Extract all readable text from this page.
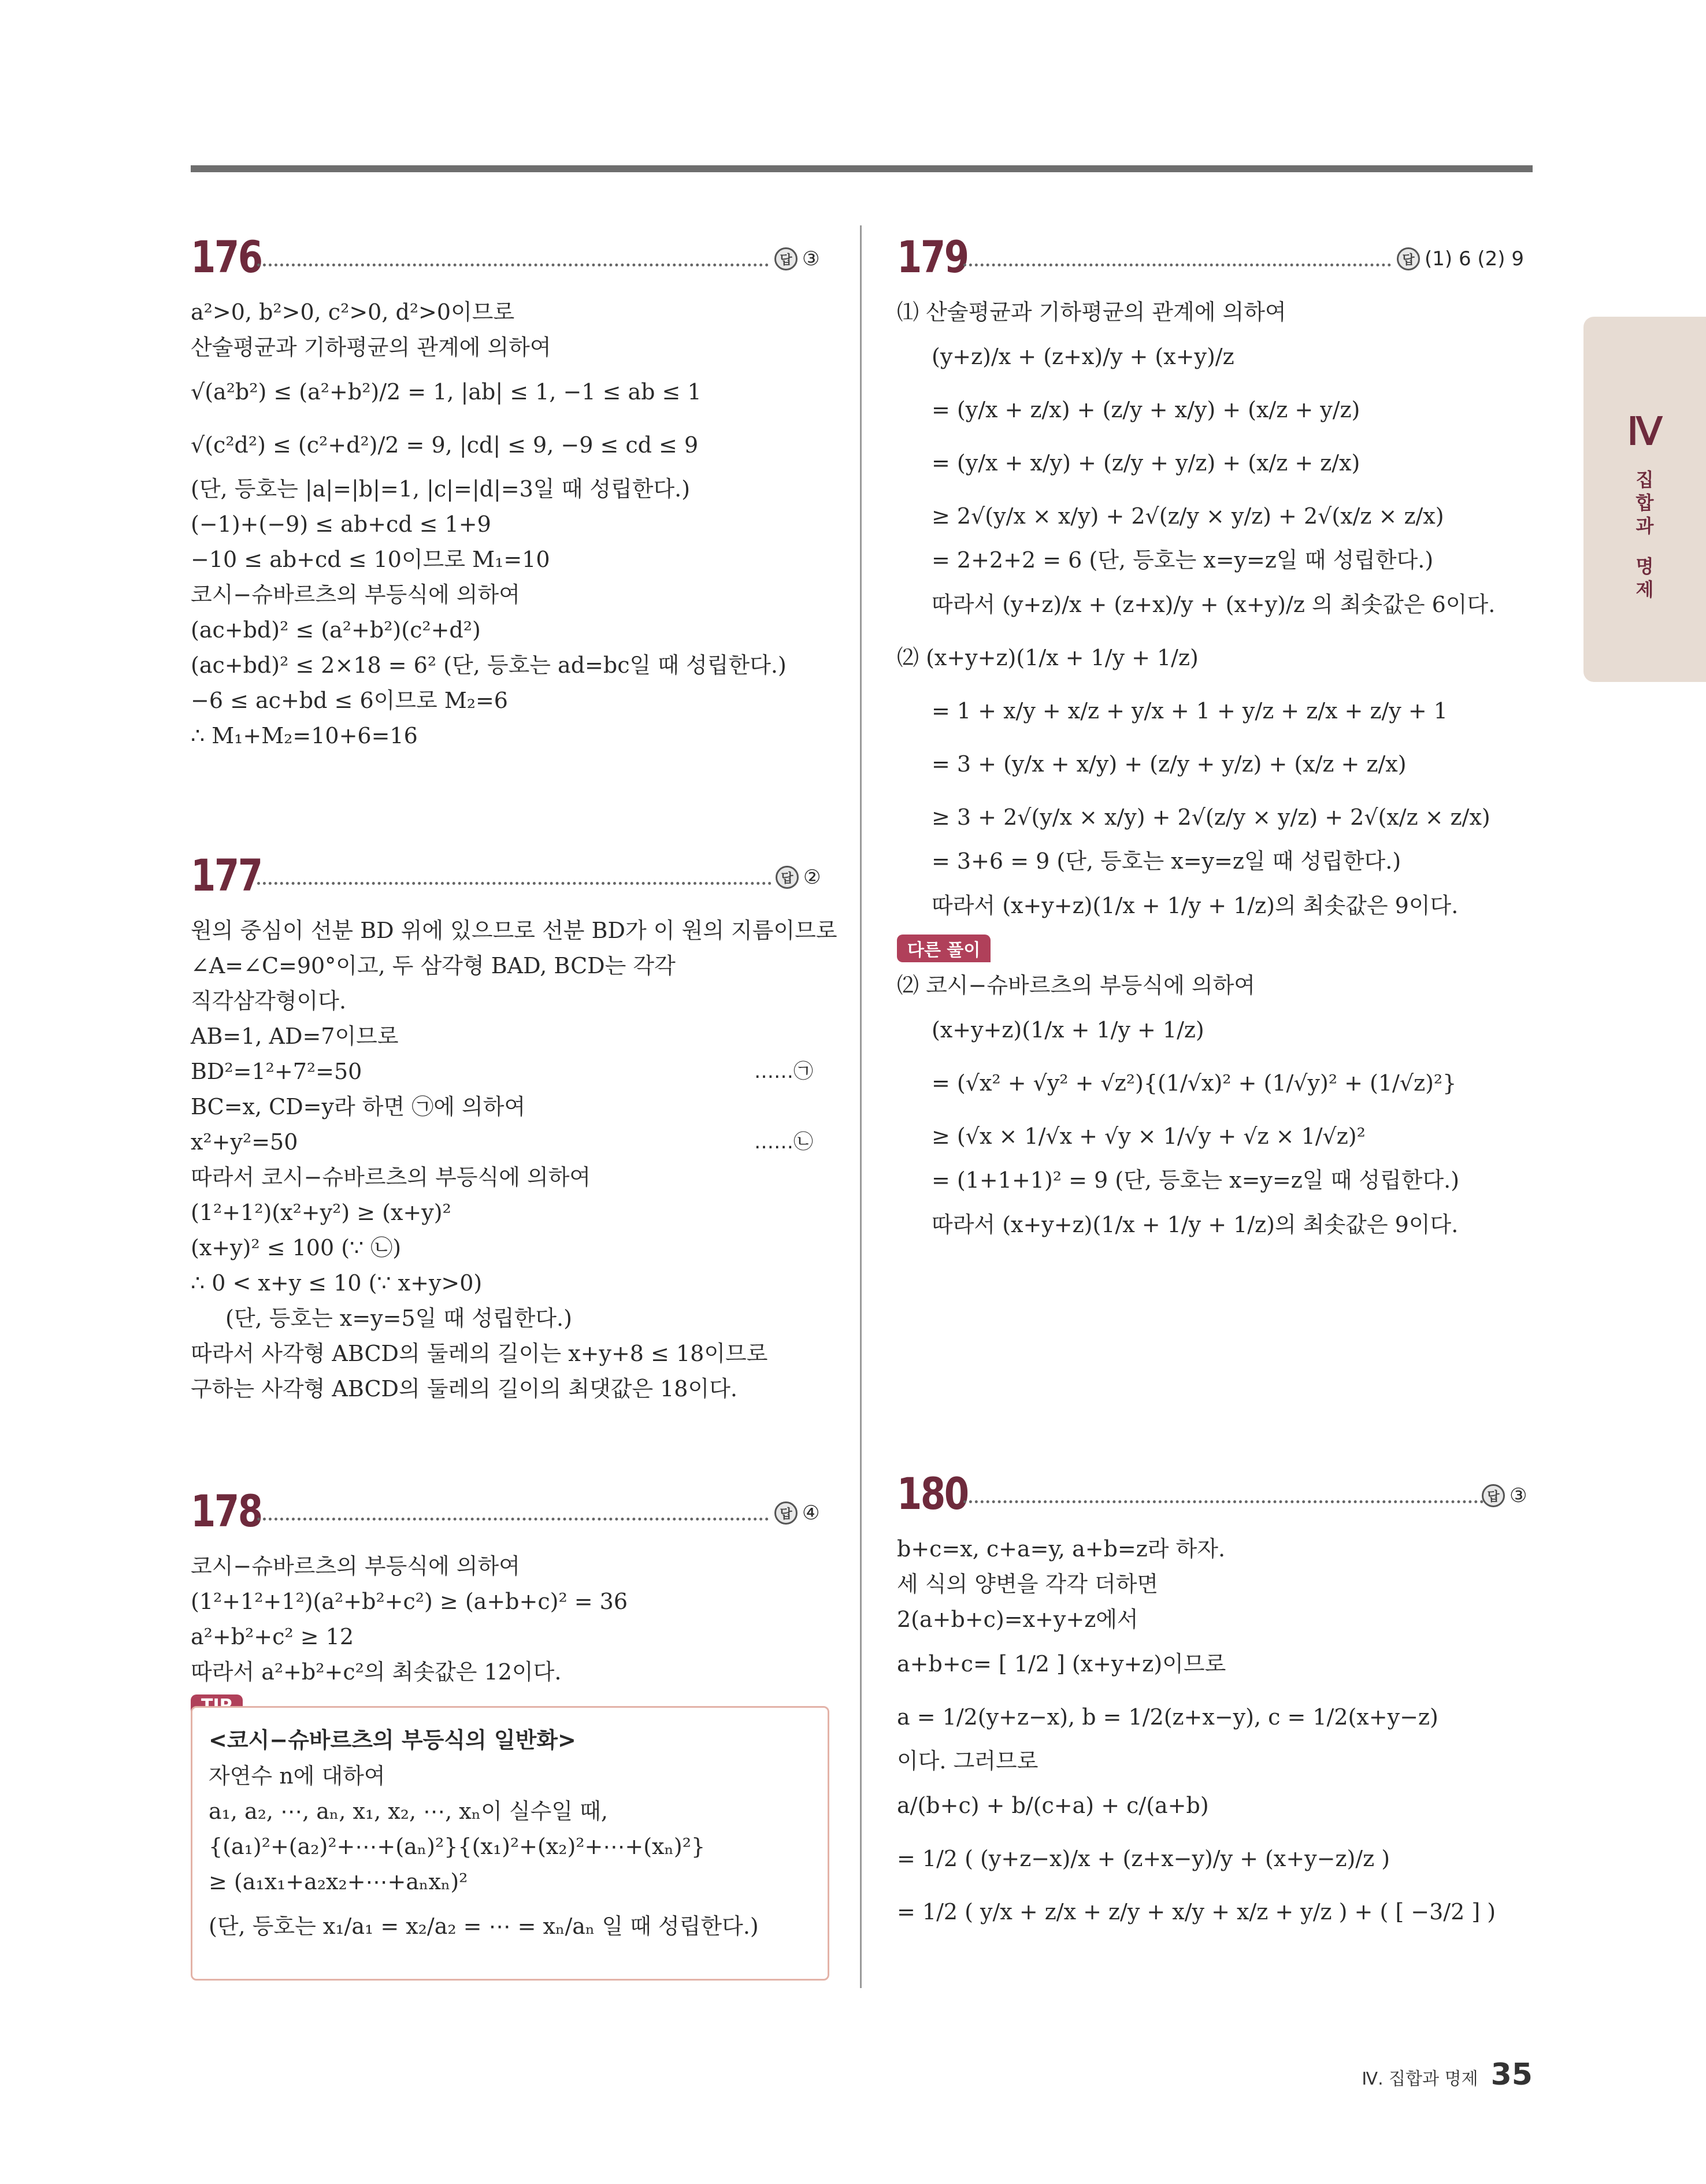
Ⅳ
집
합
과
명
제
176	답 ③
a²>0, b²>0, c²>0, d²>0이므로
산술평균과 기하평균의 관계에 의하여
√(a²b²) ≤ (a²+b²)/2 = 1, |ab| ≤ 1, −1 ≤ ab ≤ 1
√(c²d²) ≤ (c²+d²)/2 = 9, |cd| ≤ 9, −9 ≤ cd ≤ 9
(단, 등호는 |a|=|b|=1, |c|=|d|=3일 때 성립한다.)
(−1)+(−9) ≤ ab+cd ≤ 1+9
−10 ≤ ab+cd ≤ 10이므로 M₁=10
코시−슈바르츠의 부등식에 의하여
(ac+bd)² ≤ (a²+b²)(c²+d²)
(ac+bd)² ≤ 2×18 = 6² (단, 등호는 ad=bc일 때 성립한다.)
−6 ≤ ac+bd ≤ 6이므로 M₂=6
∴ M₁+M₂=10+6=16
177	답 ②
원의 중심이 선분 BD 위에 있으므로 선분 BD가 이 원의 지름이므로
∠A=∠C=90°이고, 두 삼각형 BAD, BCD는 각각
직각삼각형이다.
AB=1, AD=7이므로
BD²=1²+7²=50	……㉠
BC=x, CD=y라 하면 ㉠에 의하여
x²+y²=50	……㉡
따라서 코시−슈바르츠의 부등식에 의하여
(1²+1²)(x²+y²) ≥ (x+y)²
(x+y)² ≤ 100 (∵ ㉡)
∴ 0 < x+y ≤ 10 (∵ x+y>0)
(단, 등호는 x=y=5일 때 성립한다.)
따라서 사각형 ABCD의 둘레의 길이는 x+y+8 ≤ 18이므로
구하는 사각형 ABCD의 둘레의 길이의 최댓값은 18이다.
178	답 ④
코시−슈바르츠의 부등식에 의하여
(1²+1²+1²)(a²+b²+c²) ≥ (a+b+c)² = 36
a²+b²+c² ≥ 12
따라서 a²+b²+c²의 최솟값은 12이다.
<코시−슈바르츠의 부등식의 일반화>
자연수 n에 대하여
a₁, a₂, ⋯, aₙ, x₁, x₂, ⋯, xₙ이 실수일 때,
{(a₁)²+(a₂)²+⋯+(aₙ)²}{(x₁)²+(x₂)²+⋯+(xₙ)²}
≥ (a₁x₁+a₂x₂+⋯+aₙxₙ)²
(단, 등호는 x₁/a₁ = x₂/a₂ = ⋯ = xₙ/aₙ 일 때 성립한다.)
179	답 (1) 6 (2) 9
⑴ 산술평균과 기하평균의 관계에 의하여
(y+z)/x + (z+x)/y + (x+y)/z
= (y/x + z/x) + (z/y + x/y) + (x/z + y/z)
= (y/x + x/y) + (z/y + y/z) + (x/z + z/x)
≥ 2√(y/x × x/y) + 2√(z/y × y/z) + 2√(x/z × z/x)
= 2+2+2 = 6 (단, 등호는 x=y=z일 때 성립한다.)
따라서 (y+z)/x + (z+x)/y + (x+y)/z 의 최솟값은 6이다.
⑵ (x+y+z)(1/x + 1/y + 1/z)
= 1 + x/y + x/z + y/x + 1 + y/z + z/x + z/y + 1
= 3 + (y/x + x/y) + (z/y + y/z) + (x/z + z/x)
≥ 3 + 2√(y/x × x/y) + 2√(z/y × y/z) + 2√(x/z × z/x)
= 3+6 = 9 (단, 등호는 x=y=z일 때 성립한다.)
따라서 (x+y+z)(1/x + 1/y + 1/z)의 최솟값은 9이다.
다른 풀이
⑵ 코시−슈바르츠의 부등식에 의하여
(x+y+z)(1/x + 1/y + 1/z)
= (√x² + √y² + √z²){(1/√x)² + (1/√y)² + (1/√z)²}
≥ (√x × 1/√x + √y × 1/√y + √z × 1/√z)²
= (1+1+1)² = 9 (단, 등호는 x=y=z일 때 성립한다.)
따라서 (x+y+z)(1/x + 1/y + 1/z)의 최솟값은 9이다.
180	답 ③
b+c=x, c+a=y, a+b=z라 하자.
세 식의 양변을 각각 더하면
2(a+b+c)=x+y+z에서
a+b+c= [ 1/2 ] (x+y+z)이므로
a = 1/2(y+z−x), b = 1/2(z+x−y), c = 1/2(x+y−z)
이다. 그러므로
a/(b+c) + b/(c+a) + c/(a+b)
= 1/2 ( (y+z−x)/x + (z+x−y)/y + (x+y−z)/z )
= 1/2 ( y/x + z/x + z/y + x/y + x/z + y/z ) + ( [ −3/2 ] )
Ⅳ. 집합과 명제 35
